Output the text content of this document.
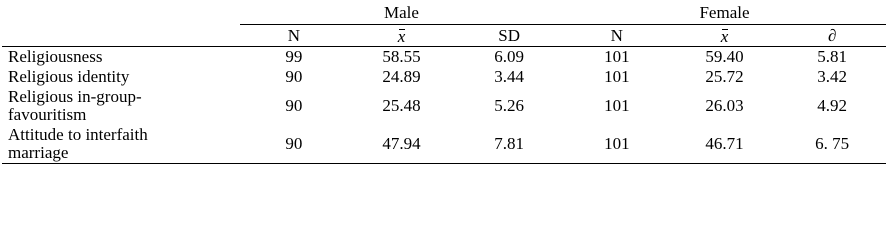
	Male			Female		
	N	x	SD	N	x	∂
Religiousness	99	58.55	6.09	101	59.40	5.81
Religious identity	90	24.89	3.44	101	25.72	3.42
Religious in-group-
favouritism	90	25.48	5.26	101	26.03	4.92
Attitude to interfaith
marriage	90	47.94	7.81	101	46.71	6. 75
